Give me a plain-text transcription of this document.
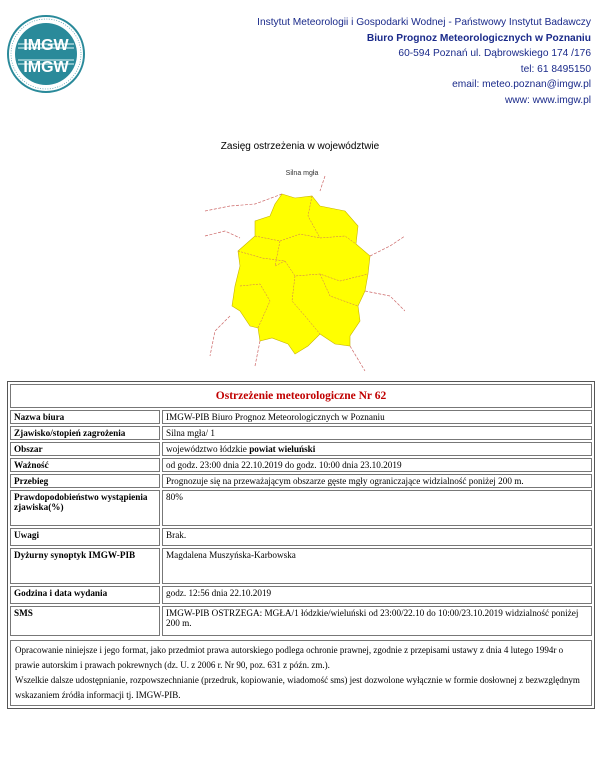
IMGW
IMGW
Instytut Meteorologii i Gospodarki Wodnej - Państwowy Instytut Badawczy
Biuro Prognoz Meteorologicznych w Poznaniu
60-594 Poznań ul. Dąbrowskiego 174 /176
tel: 61 8495150
email: meteo.poznan@imgw.pl
www: www.imgw.pl
Zasięg ostrzeżenia w województwie
Silna mgła
Ostrzeżenie meteorologiczne Nr 62	
Nazwa biura	IMGW-PIB Biuro Prognoz Meteorologicznych w Poznaniu
Zjawisko/stopień zagrożenia	Silna mgła/ 1
Obszar	województwo łódzkie powiat wieluński
Ważność	od godz. 23:00 dnia 22.10.2019 do godz. 10:00 dnia 23.10.2019
Przebieg	Prognozuje się na przeważającym obszarze gęste mgły ograniczające widzialność poniżej 200 m.
Prawdopodobieństwo wystąpienia zjawiska(%)	80%
Uwagi	Brak.
Dyżurny synoptyk IMGW-PIB	Magdalena Muszyńska-Karbowska
Godzina i data wydania	godz. 12:56 dnia 22.10.2019
SMS	IMGW-PIB OSTRZEGA: MGŁA/1 łódzkie/wieluński od 23:00/22.10 do 10:00/23.10.2019 widzialność poniżej 200 m.
Opracowanie niniejsze i jego format, jako przedmiot prawa autorskiego podlega ochronie prawnej, zgodnie z przepisami ustawy z dnia 4 lutego 1994r o prawie autorskim i prawach pokrewnych (dz. U. z 2006 r. Nr 90, poz. 631 z późn. zm.).
Wszelkie dalsze udostępnianie, rozpowszechnianie (przedruk, kopiowanie, wiadomość sms) jest dozwolone wyłącznie w formie dosłownej z bezwzględnym wskazaniem źródła informacji tj. IMGW-PIB.
